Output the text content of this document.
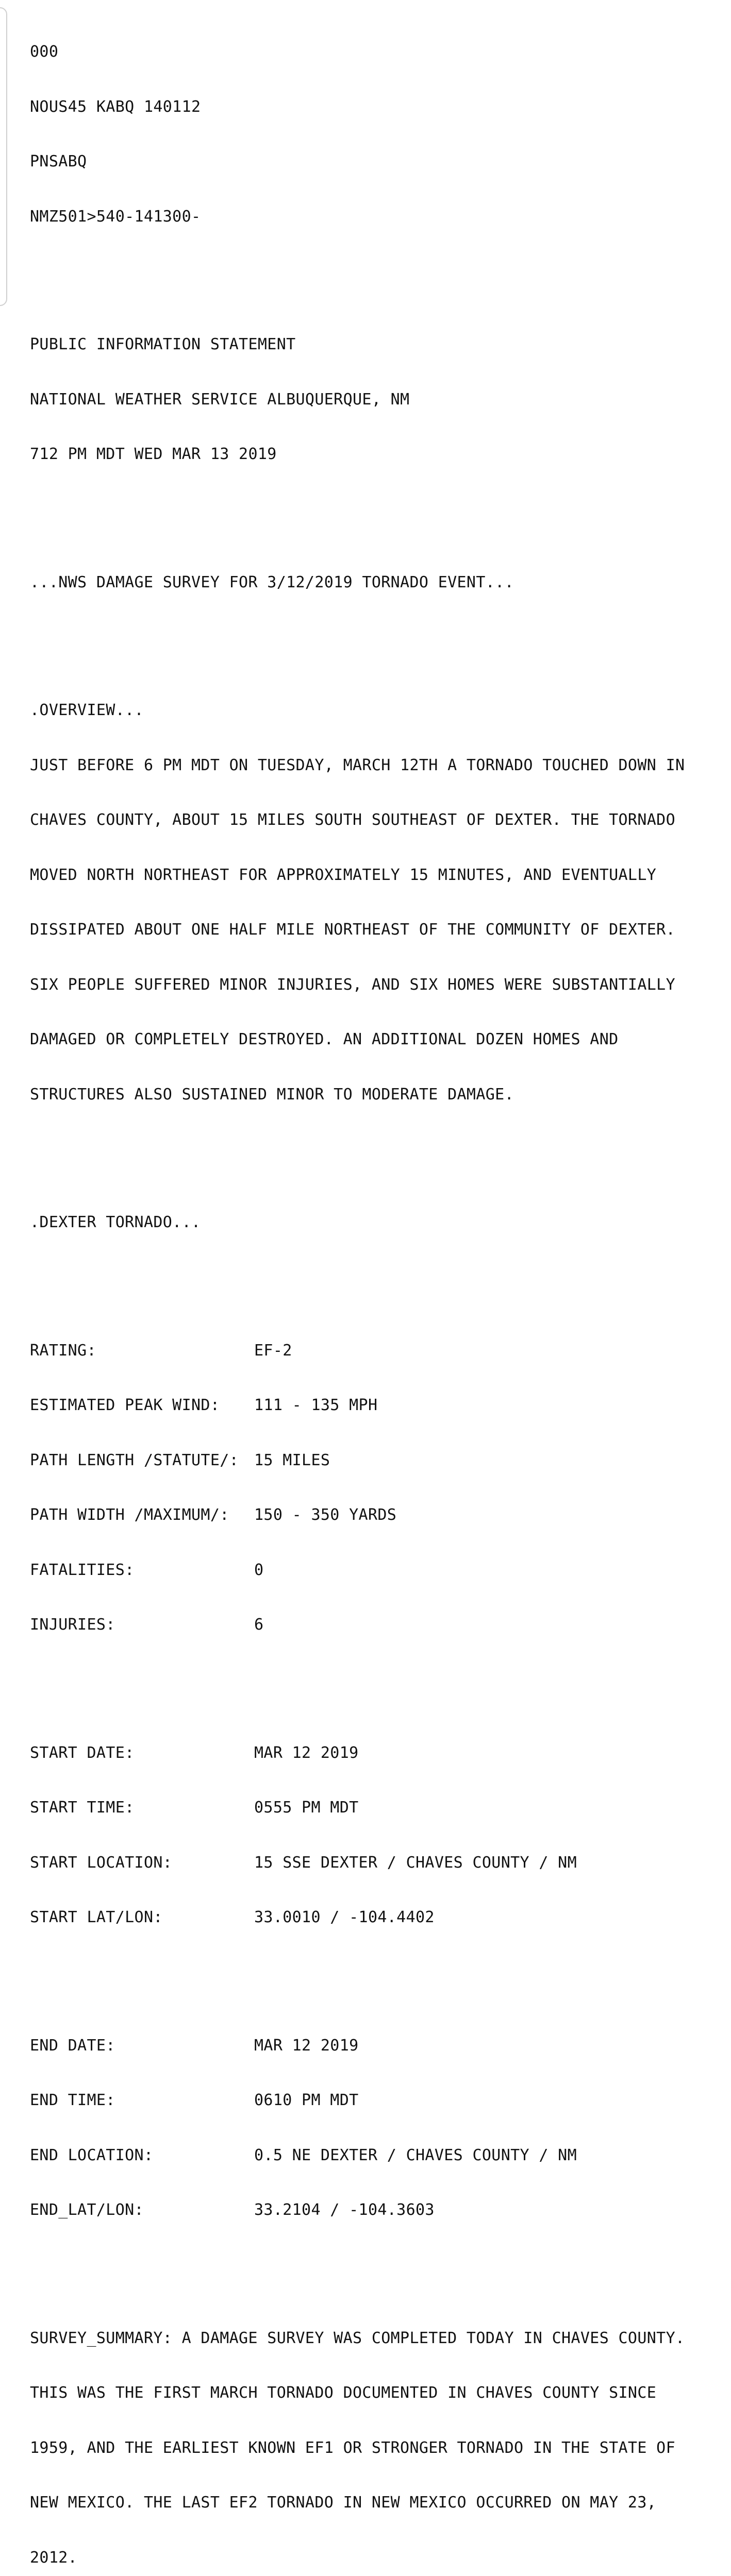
000

NOUS45 KABQ 140112

PNSABQ

NMZ501>540-141300-

PUBLIC INFORMATION STATEMENT

NATIONAL WEATHER SERVICE ALBUQUERQUE, NM

712 PM MDT WED MAR 13 2019

...NWS DAMAGE SURVEY FOR 3/12/2019 TORNADO EVENT...

.OVERVIEW...

JUST BEFORE 6 PM MDT ON TUESDAY, MARCH 12TH A TORNADO TOUCHED DOWN IN

CHAVES COUNTY, ABOUT 15 MILES SOUTH SOUTHEAST OF DEXTER. THE TORNADO

MOVED NORTH NORTHEAST FOR APPROXIMATELY 15 MINUTES, AND EVENTUALLY

DISSIPATED ABOUT ONE HALF MILE NORTHEAST OF THE COMMUNITY OF DEXTER.

SIX PEOPLE SUFFERED MINOR INJURIES, AND SIX HOMES WERE SUBSTANTIALLY

DAMAGED OR COMPLETELY DESTROYED. AN ADDITIONAL DOZEN HOMES AND

STRUCTURES ALSO SUSTAINED MINOR TO MODERATE DAMAGE.

.DEXTER TORNADO...

RATING:	EF-2

ESTIMATED PEAK WIND:	111 - 135 MPH

PATH LENGTH /STATUTE/: 15 MILES

PATH WIDTH /MAXIMUM/:	150 - 350 YARDS

FATALITIES:	0

INJURIES:	6

START DATE:	MAR 12 2019

START TIME:	0555 PM MDT

START LOCATION:	15 SSE DEXTER / CHAVES COUNTY / NM

START LAT/LON:	33.0010 / -104.4402

END DATE:	MAR 12 2019

END TIME:	0610 PM MDT

END LOCATION:	0.5 NE DEXTER / CHAVES COUNTY / NM

END_LAT/LON:	33.2104 / -104.3603

SURVEY_SUMMARY: A DAMAGE SURVEY WAS COMPLETED TODAY IN CHAVES COUNTY.

THIS WAS THE FIRST MARCH TORNADO DOCUMENTED IN CHAVES COUNTY SINCE

1959, AND THE EARLIEST KNOWN EF1 OR STRONGER TORNADO IN THE STATE OF

NEW MEXICO. THE LAST EF2 TORNADO IN NEW MEXICO OCCURRED ON MAY 23,

2012.
